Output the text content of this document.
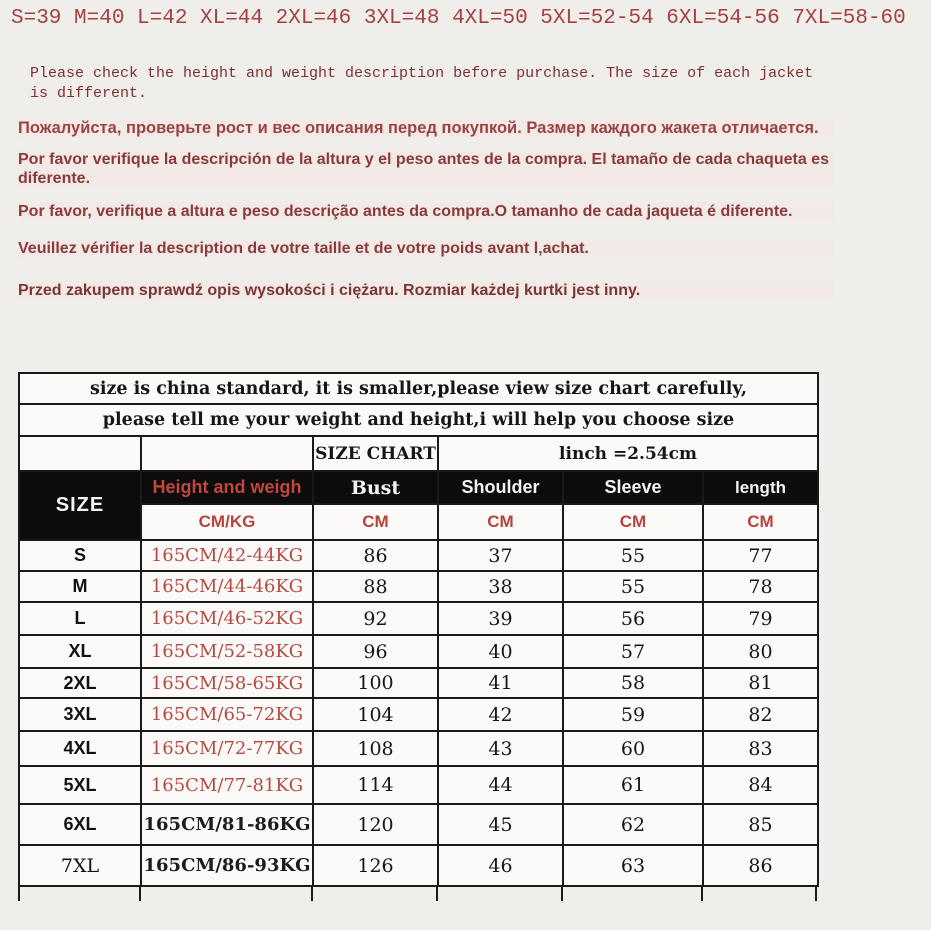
S=39 M=40 L=42 XL=44 2XL=46 3XL=48 4XL=50 5XL=52-54 6XL=54-56 7XL=58-60

Please check the height and weight description before purchase. The size of each jacket is different.

Пожалуйста, проверьте рост и вес описания перед покупкой. Размер каждого жакета отличается.

Por favor verifique la descripción de la altura y el peso antes de la compra. El tamaño de cada chaqueta es diferente.

Por favor, verifique a altura e peso descrição antes da compra.O tamanho de cada jaqueta é diferente.

Veuillez vérifier la description de votre taille et de votre poids avant l‚achat.

Przed zakupem sprawdź opis wysokości i ciężaru. Rozmiar każdej kurtki jest inny.

size is china standard, it is smaller,please view size chart carefully,					
please tell me your weight and height,i will help you choose size					
		SIZE CHART	linch =2.54cm		
SIZE	Height and weigh	Bust	Shoulder	Sleeve	length
	CM/KG	CM	CM	CM	CM
S	165CM/42-44KG	86	37	55	77
M	165CM/44-46KG	88	38	55	78
L	165CM/46-52KG	92	39	56	79
XL	165CM/52-58KG	96	40	57	80
2XL	165CM/58-65KG	100	41	58	81
3XL	165CM/65-72KG	104	42	59	82
4XL	165CM/72-77KG	108	43	60	83
5XL	165CM/77-81KG	114	44	61	84
6XL	165CM/81-86KG	120	45	62	85
7XL	165CM/86-93KG	126	46	63	86
